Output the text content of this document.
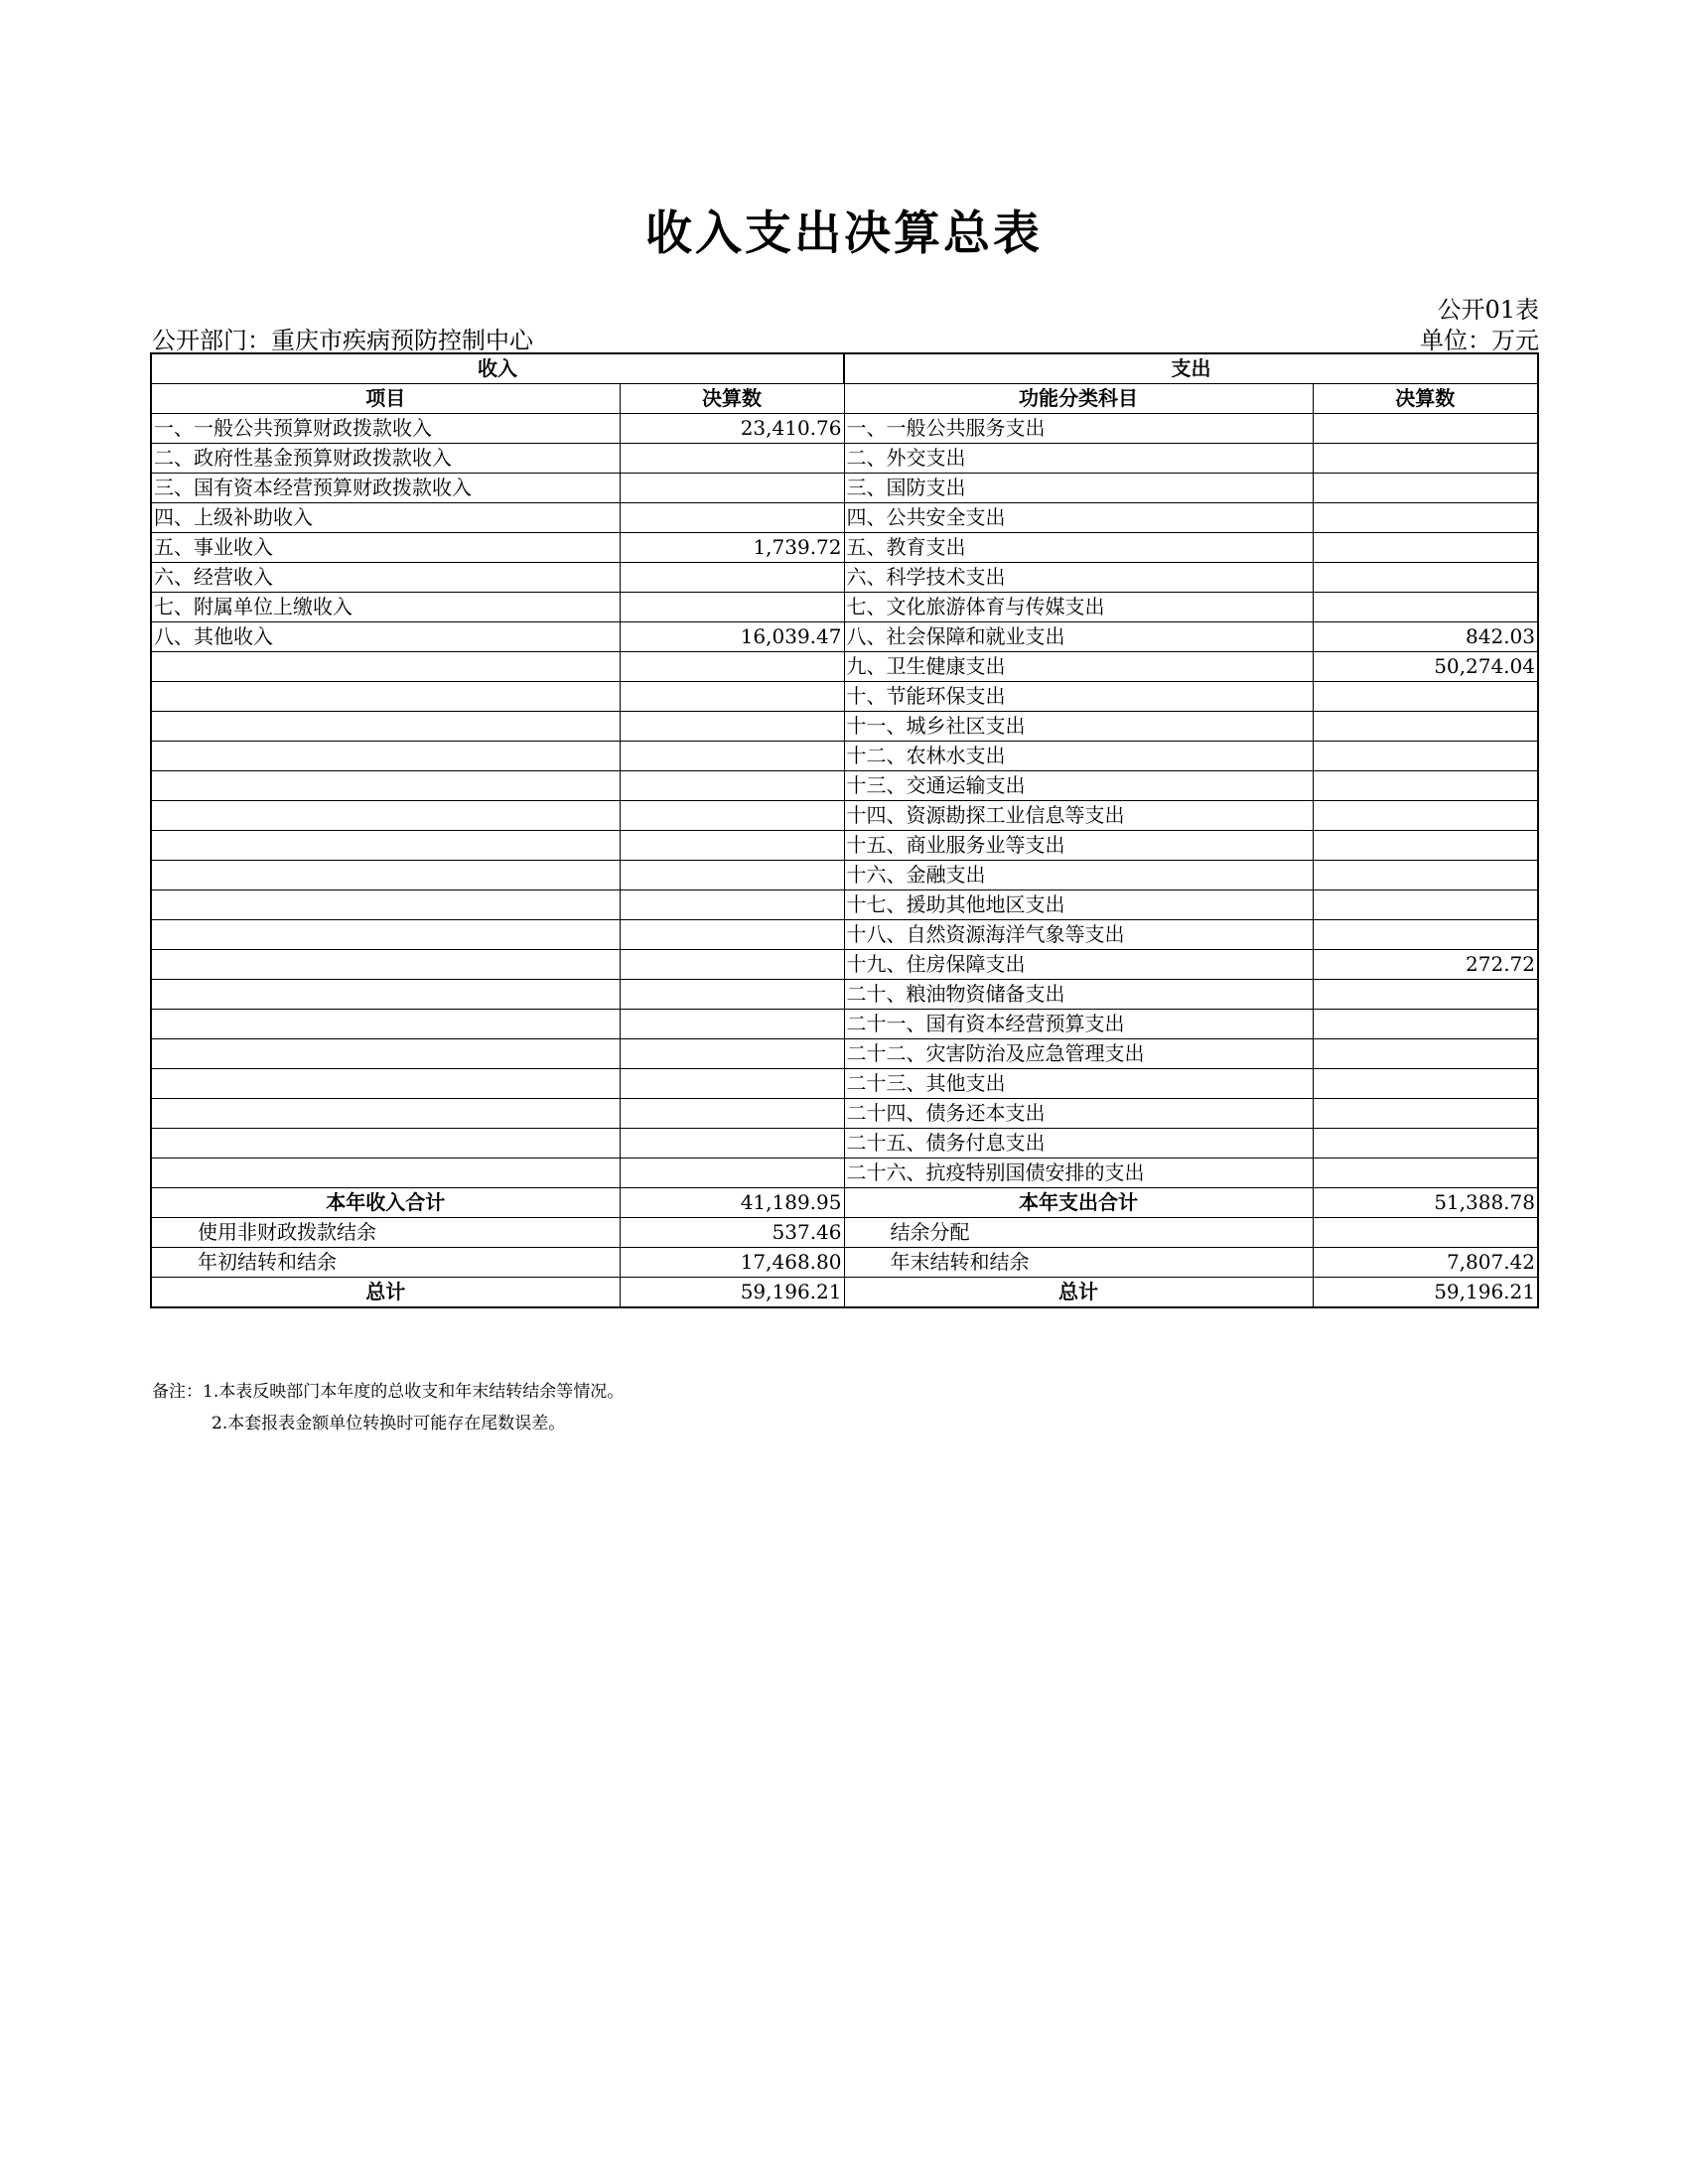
收入支出决算总表
公开01表
公开部门：重庆市疾病预防控制中心	单位：万元
收入		支出	
项目	决算数	功能分类科目	决算数
一、一般公共预算财政拨款收入	23,410.76	一、一般公共服务支出	
二、政府性基金预算财政拨款收入		二、外交支出	
三、国有资本经营预算财政拨款收入		三、国防支出	
四、上级补助收入		四、公共安全支出	
五、事业收入	1,739.72	五、教育支出	
六、经营收入		六、科学技术支出	
七、附属单位上缴收入		七、文化旅游体育与传媒支出	
八、其他收入	16,039.47	八、社会保障和就业支出	842.03
		九、卫生健康支出	50,274.04
		十、节能环保支出	
		十一、城乡社区支出	
		十二、农林水支出	
		十三、交通运输支出	
		十四、资源勘探工业信息等支出	
		十五、商业服务业等支出	
		十六、金融支出	
		十七、援助其他地区支出	
		十八、自然资源海洋气象等支出	
		十九、住房保障支出	272.72
		二十、粮油物资储备支出	
		二十一、国有资本经营预算支出	
		二十二、灾害防治及应急管理支出	
		二十三、其他支出	
		二十四、债务还本支出	
		二十五、债务付息支出	
		二十六、抗疫特别国债安排的支出	
本年收入合计	41,189.95	本年支出合计	51,388.78
使用非财政拨款结余	537.46	结余分配	
年初结转和结余	17,468.80	年末结转和结余	7,807.42
总计	59,196.21	总计	59,196.21
备注：1.本表反映部门本年度的总收支和年末结转结余等情况。
2.本套报表金额单位转换时可能存在尾数误差。
